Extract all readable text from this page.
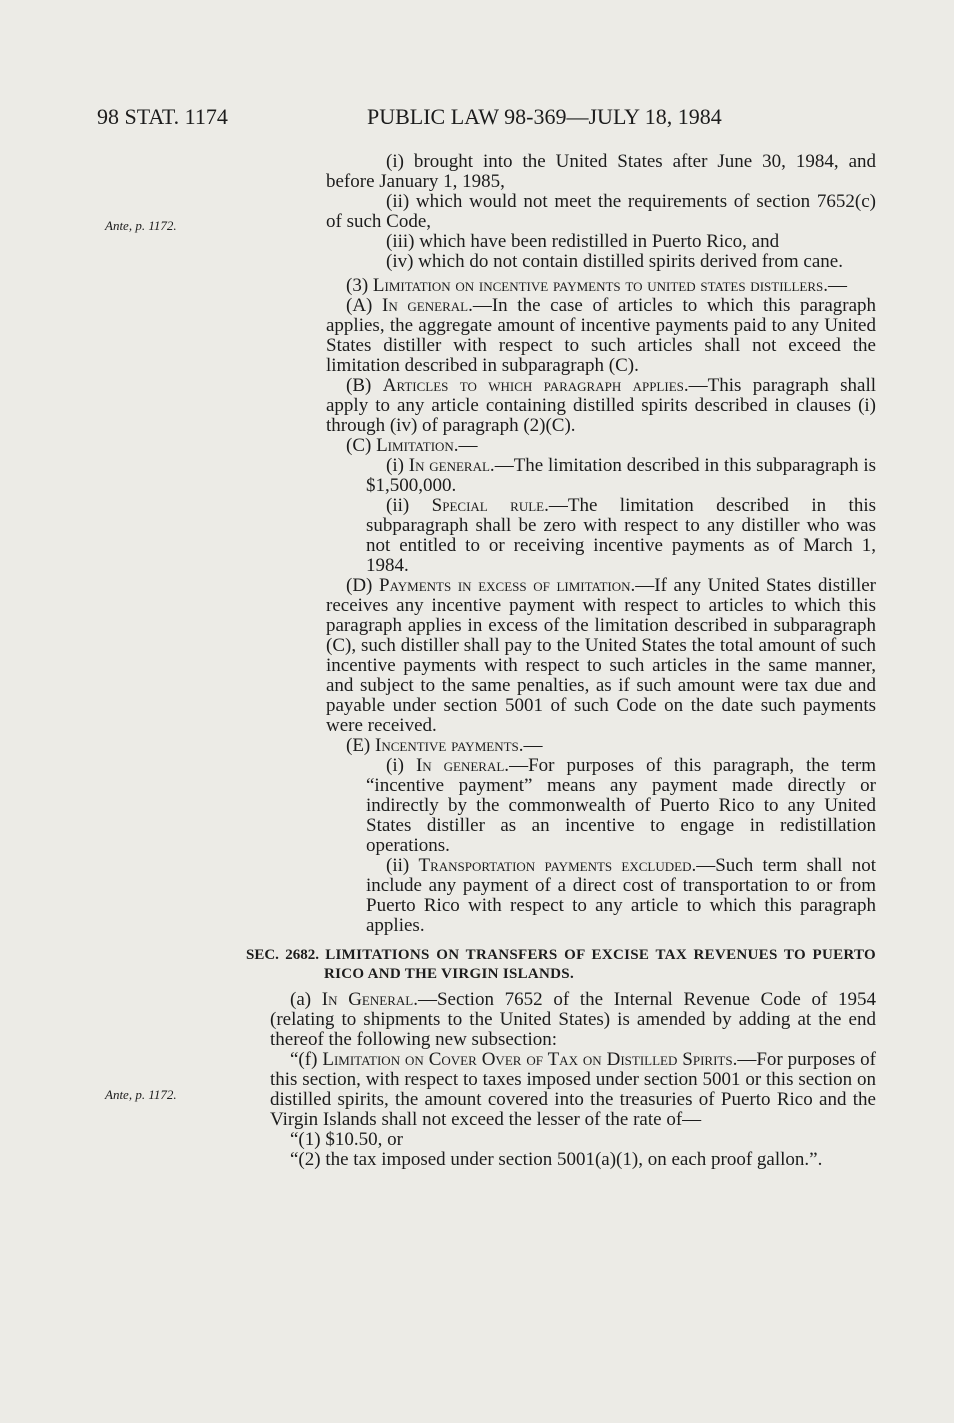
98 STAT. 1174	PUBLIC LAW 98-369—JULY 18, 1984
Ante, p. 1172.
Ante, p. 1172.

(i) brought into the United States after June 30, 1984, and before January 1, 1985,

(ii) which would not meet the requirements of section 7652(c) of such Code,

(iii) which have been redistilled in Puerto Rico, and

(iv) which do not contain distilled spirits derived from cane.

(3) Limitation on incentive payments to united states distillers.—

(A) In general.—In the case of articles to which this paragraph applies, the aggregate amount of incentive payments paid to any United States distiller with respect to such articles shall not exceed the limitation described in subparagraph (C).

(B) Articles to which paragraph applies.—This paragraph shall apply to any article containing distilled spirits described in clauses (i) through (iv) of paragraph (2)(C).

(C) Limitation.—

(i) In general.—The limitation described in this subparagraph is $1,500,000.

(ii) Special rule.—The limitation described in this subparagraph shall be zero with respect to any distiller who was not entitled to or receiving incentive payments as of March 1, 1984.

(D) Payments in excess of limitation.—If any United States distiller receives any incentive payment with respect to articles to which this paragraph applies in excess of the limitation described in subparagraph (C), such distiller shall pay to the United States the total amount of such incentive payments with respect to such articles in the same manner, and subject to the same penalties, as if such amount were tax due and payable under section 5001 of such Code on the date such payments were received.

(E) Incentive payments.—

(i) In general.—For purposes of this paragraph, the term “incentive payment” means any payment made directly or indirectly by the commonwealth of Puerto Rico to any United States distiller as an incentive to engage in redistillation operations.

(ii) Transportation payments excluded.—Such term shall not include any payment of a direct cost of transportation to or from Puerto Rico with respect to any article to which this paragraph applies.

SEC. 2682. LIMITATIONS ON TRANSFERS OF EXCISE TAX REVENUES TO PUERTO RICO AND THE VIRGIN ISLANDS.

(a) In General.—Section 7652 of the Internal Revenue Code of 1954 (relating to shipments to the United States) is amended by adding at the end thereof the following new subsection:

“(f) Limitation on Cover Over of Tax on Distilled Spirits.—For purposes of this section, with respect to taxes imposed under section 5001 or this section on distilled spirits, the amount covered into the treasuries of Puerto Rico and the Virgin Islands shall not exceed the lesser of the rate of—

“(1) $10.50, or

“(2) the tax imposed under section 5001(a)(1), on each proof gallon.”.
